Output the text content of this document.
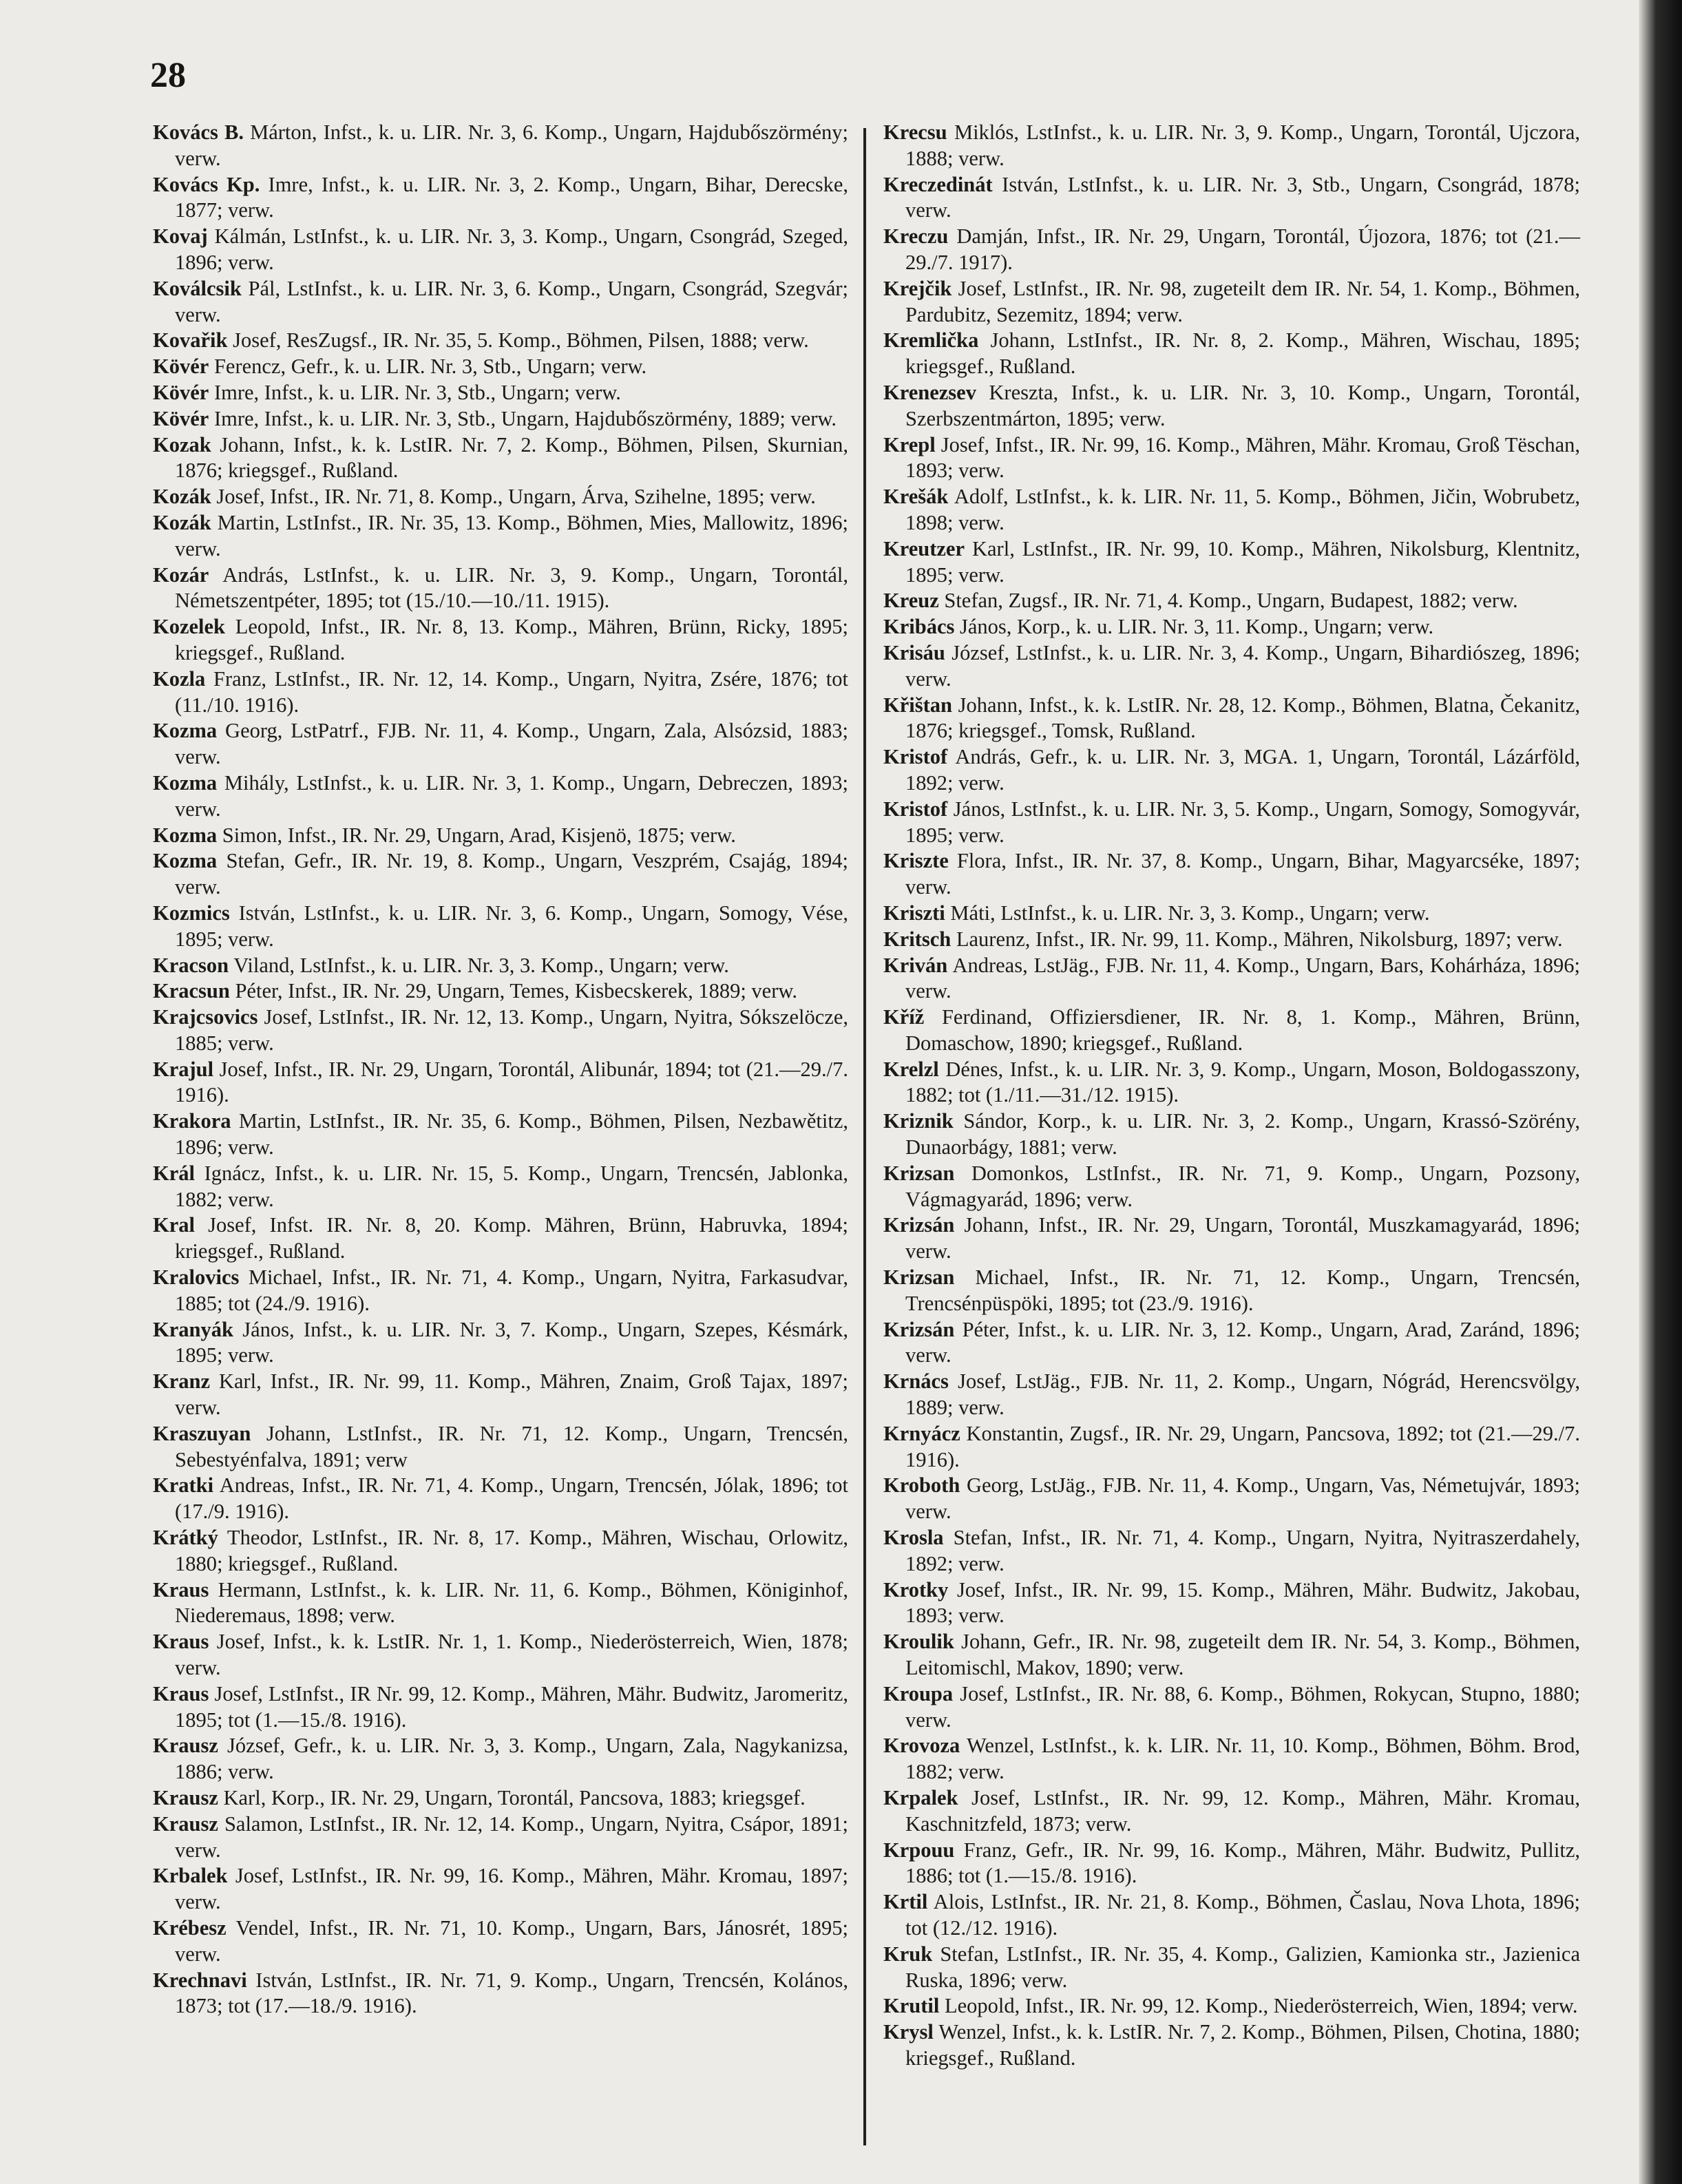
28

Kovács B. Márton, Infst., k. u. LIR. Nr. 3, 6. Komp., Ungarn, Hajdubőszörmény; verw.

Kovács Kp. Imre, Infst., k. u. LIR. Nr. 3, 2. Komp., Ungarn, Bihar, Derecske, 1877; verw.

Kovaj Kálmán, LstInfst., k. u. LIR. Nr. 3, 3. Komp., Ungarn, Csongrád, Szeged, 1896; verw.

Koválcsik Pál, LstInfst., k. u. LIR. Nr. 3, 6. Komp., Ungarn, Csongrád, Szegvár; verw.

Kovařik Josef, ResZugsf., IR. Nr. 35, 5. Komp., Böhmen, Pilsen, 1888; verw.

Kövér Ferencz, Gefr., k. u. LIR. Nr. 3, Stb., Ungarn; verw.

Kövér Imre, Infst., k. u. LIR. Nr. 3, Stb., Ungarn; verw.

Kövér Imre, Infst., k. u. LIR. Nr. 3, Stb., Ungarn, Hajdubőszörmény, 1889; verw.

Kozak Johann, Infst., k. k. LstIR. Nr. 7, 2. Komp., Böhmen, Pilsen, Skurnian, 1876; kriegsgef., Rußland.

Kozák Josef, Infst., IR. Nr. 71, 8. Komp., Ungarn, Árva, Szihelne, 1895; verw.

Kozák Martin, LstInfst., IR. Nr. 35, 13. Komp., Böhmen, Mies, Mallowitz, 1896; verw.

Kozár András, LstInfst., k. u. LIR. Nr. 3, 9. Komp., Ungarn, Torontál, Németszentpéter, 1895; tot (15./10.—10./11. 1915).

Kozelek Leopold, Infst., IR. Nr. 8, 13. Komp., Mähren, Brünn, Ricky, 1895; kriegsgef., Rußland.

Kozla Franz, LstInfst., IR. Nr. 12, 14. Komp., Ungarn, Nyitra, Zsére, 1876; tot (11./10. 1916).

Kozma Georg, LstPatrf., FJB. Nr. 11, 4. Komp., Ungarn, Zala, Alsózsid, 1883; verw.

Kozma Mihály, LstInfst., k. u. LIR. Nr. 3, 1. Komp., Ungarn, Debreczen, 1893; verw.

Kozma Simon, Infst., IR. Nr. 29, Ungarn, Arad, Kisjenö, 1875; verw.

Kozma Stefan, Gefr., IR. Nr. 19, 8. Komp., Ungarn, Veszprém, Csajág, 1894; verw.

Kozmics István, LstInfst., k. u. LIR. Nr. 3, 6. Komp., Ungarn, Somogy, Vése, 1895; verw.

Kracson Viland, LstInfst., k. u. LIR. Nr. 3, 3. Komp., Ungarn; verw.

Kracsun Péter, Infst., IR. Nr. 29, Ungarn, Temes, Kisbecskerek, 1889; verw.

Krajcsovics Josef, LstInfst., IR. Nr. 12, 13. Komp., Ungarn, Nyitra, Sókszelöcze, 1885; verw.

Krajul Josef, Infst., IR. Nr. 29, Ungarn, Torontál, Alibunár, 1894; tot (21.—29./7. 1916).

Krakora Martin, LstInfst., IR. Nr. 35, 6. Komp., Böhmen, Pilsen, Nezbawětitz, 1896; verw.

Král Ignácz, Infst., k. u. LIR. Nr. 15, 5. Komp., Ungarn, Trencsén, Jablonka, 1882; verw.

Kral Josef, Infst. IR. Nr. 8, 20. Komp. Mähren, Brünn, Habruvka, 1894; kriegsgef., Rußland.

Kralovics Michael, Infst., IR. Nr. 71, 4. Komp., Ungarn, Nyitra, Farkasudvar, 1885; tot (24./9. 1916).

Kranyák János, Infst., k. u. LIR. Nr. 3, 7. Komp., Ungarn, Szepes, Késmárk, 1895; verw.

Kranz Karl, Infst., IR. Nr. 99, 11. Komp., Mähren, Znaim, Groß Tajax, 1897; verw.

Kraszuyan Johann, LstInfst., IR. Nr. 71, 12. Komp., Ungarn, Trencsén, Sebestyénfalva, 1891; verw

Kratki Andreas, Infst., IR. Nr. 71, 4. Komp., Ungarn, Trencsén, Jólak, 1896; tot (17./9. 1916).

Krátký Theodor, LstInfst., IR. Nr. 8, 17. Komp., Mähren, Wischau, Orlowitz, 1880; kriegsgef., Rußland.

Kraus Hermann, LstInfst., k. k. LIR. Nr. 11, 6. Komp., Böhmen, Königinhof, Niederemaus, 1898; verw.

Kraus Josef, Infst., k. k. LstIR. Nr. 1, 1. Komp., Niederösterreich, Wien, 1878; verw.

Kraus Josef, LstInfst., IR Nr. 99, 12. Komp., Mähren, Mähr. Budwitz, Jaromeritz, 1895; tot (1.—15./8. 1916).

Krausz József, Gefr., k. u. LIR. Nr. 3, 3. Komp., Ungarn, Zala, Nagykanizsa, 1886; verw.

Krausz Karl, Korp., IR. Nr. 29, Ungarn, Torontál, Pancsova, 1883; kriegsgef.

Krausz Salamon, LstInfst., IR. Nr. 12, 14. Komp., Ungarn, Nyitra, Csápor, 1891; verw.

Krbalek Josef, LstInfst., IR. Nr. 99, 16. Komp., Mähren, Mähr. Kromau, 1897; verw.

Krébesz Vendel, Infst., IR. Nr. 71, 10. Komp., Ungarn, Bars, Jánosrét, 1895; verw.

Krechnavi István, LstInfst., IR. Nr. 71, 9. Komp., Ungarn, Trencsén, Kolános, 1873; tot (17.—18./9. 1916).

Krecsu Miklós, LstInfst., k. u. LIR. Nr. 3, 9. Komp., Ungarn, Torontál, Ujczora, 1888; verw.

Kreczedinát István, LstInfst., k. u. LIR. Nr. 3, Stb., Ungarn, Csongrád, 1878; verw.

Kreczu Damján, Infst., IR. Nr. 29, Ungarn, Torontál, Újozora, 1876; tot (21.—29./7. 1917).

Krejčik Josef, LstInfst., IR. Nr. 98, zugeteilt dem IR. Nr. 54, 1. Komp., Böhmen, Pardubitz, Sezemitz, 1894; verw.

Kremlička Johann, LstInfst., IR. Nr. 8, 2. Komp., Mähren, Wischau, 1895; kriegsgef., Rußland.

Krenezsev Kreszta, Infst., k. u. LIR. Nr. 3, 10. Komp., Ungarn, Torontál, Szerbszentmárton, 1895; verw.

Krepl Josef, Infst., IR. Nr. 99, 16. Komp., Mähren, Mähr. Kromau, Groß Tëschan, 1893; verw.

Krešák Adolf, LstInfst., k. k. LIR. Nr. 11, 5. Komp., Böhmen, Jičin, Wobrubetz, 1898; verw.

Kreutzer Karl, LstInfst., IR. Nr. 99, 10. Komp., Mähren, Nikolsburg, Klentnitz, 1895; verw.

Kreuz Stefan, Zugsf., IR. Nr. 71, 4. Komp., Ungarn, Budapest, 1882; verw.

Kribács János, Korp., k. u. LIR. Nr. 3, 11. Komp., Ungarn; verw.

Krisáu József, LstInfst., k. u. LIR. Nr. 3, 4. Komp., Ungarn, Bihardiószeg, 1896; verw.

Křištan Johann, Infst., k. k. LstIR. Nr. 28, 12. Komp., Böhmen, Blatna, Čekanitz, 1876; kriegsgef., Tomsk, Rußland.

Kristof András, Gefr., k. u. LIR. Nr. 3, MGA. 1, Ungarn, Torontál, Lázárföld, 1892; verw.

Kristof János, LstInfst., k. u. LIR. Nr. 3, 5. Komp., Ungarn, Somogy, Somogyvár, 1895; verw.

Kriszte Flora, Infst., IR. Nr. 37, 8. Komp., Ungarn, Bihar, Magyarcséke, 1897; verw.

Kriszti Máti, LstInfst., k. u. LIR. Nr. 3, 3. Komp., Ungarn; verw.

Kritsch Laurenz, Infst., IR. Nr. 99, 11. Komp., Mähren, Nikolsburg, 1897; verw.

Kriván Andreas, LstJäg., FJB. Nr. 11, 4. Komp., Ungarn, Bars, Kohárháza, 1896; verw.

Kříž Ferdinand, Offiziersdiener, IR. Nr. 8, 1. Komp., Mähren, Brünn, Domaschow, 1890; kriegsgef., Rußland.

Krelzl Dénes, Infst., k. u. LIR. Nr. 3, 9. Komp., Ungarn, Moson, Boldogasszony, 1882; tot (1./11.—31./12. 1915).

Kriznik Sándor, Korp., k. u. LIR. Nr. 3, 2. Komp., Ungarn, Krassó-Szörény, Dunaorbágy, 1881; verw.

Krizsan Domonkos, LstInfst., IR. Nr. 71, 9. Komp., Ungarn, Pozsony, Vágmagyarád, 1896; verw.

Krizsán Johann, Infst., IR. Nr. 29, Ungarn, Torontál, Muszkamagyarád, 1896; verw.

Krizsan Michael, Infst., IR. Nr. 71, 12. Komp., Ungarn, Trencsén, Trencsénpüspöki, 1895; tot (23./9. 1916).

Krizsán Péter, Infst., k. u. LIR. Nr. 3, 12. Komp., Ungarn, Arad, Zaránd, 1896; verw.

Krnács Josef, LstJäg., FJB. Nr. 11, 2. Komp., Ungarn, Nógrád, Herencsvölgy, 1889; verw.

Krnyácz Konstantin, Zugsf., IR. Nr. 29, Ungarn, Pancsova, 1892; tot (21.—29./7. 1916).

Kroboth Georg, LstJäg., FJB. Nr. 11, 4. Komp., Ungarn, Vas, Németujvár, 1893; verw.

Krosla Stefan, Infst., IR. Nr. 71, 4. Komp., Ungarn, Nyitra, Nyitraszerdahely, 1892; verw.

Krotky Josef, Infst., IR. Nr. 99, 15. Komp., Mähren, Mähr. Budwitz, Jakobau, 1893; verw.

Kroulik Johann, Gefr., IR. Nr. 98, zugeteilt dem IR. Nr. 54, 3. Komp., Böhmen, Leitomischl, Makov, 1890; verw.

Kroupa Josef, LstInfst., IR. Nr. 88, 6. Komp., Böhmen, Rokycan, Stupno, 1880; verw.

Krovoza Wenzel, LstInfst., k. k. LIR. Nr. 11, 10. Komp., Böhmen, Böhm. Brod, 1882; verw.

Krpalek Josef, LstInfst., IR. Nr. 99, 12. Komp., Mähren, Mähr. Kromau, Kaschnitzfeld, 1873; verw.

Krpouu Franz, Gefr., IR. Nr. 99, 16. Komp., Mähren, Mähr. Budwitz, Pullitz, 1886; tot (1.—15./8. 1916).

Krtil Alois, LstInfst., IR. Nr. 21, 8. Komp., Böhmen, Časlau, Nova Lhota, 1896; tot (12./12. 1916).

Kruk Stefan, LstInfst., IR. Nr. 35, 4. Komp., Galizien, Kamionka str., Jazienica Ruska, 1896; verw.

Krutil Leopold, Infst., IR. Nr. 99, 12. Komp., Niederösterreich, Wien, 1894; verw.

Krysl Wenzel, Infst., k. k. LstIR. Nr. 7, 2. Komp., Böhmen, Pilsen, Chotina, 1880; kriegsgef., Rußland.
